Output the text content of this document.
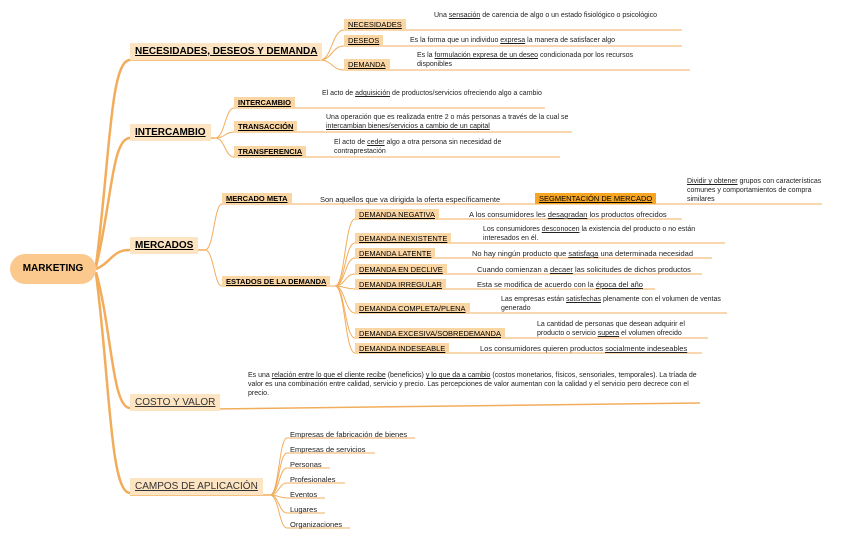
MARKETING
NECESIDADES, DESEOS Y DEMANDA
NECESIDADES
Una sensación de carencia de algo o un estado fisiológico o psicológico
DESEOS	Es la forma que un individuo expresa la manera de satisfacer algo
DEMANDA
Es la formulación expresa de un deseo condicionada por los recursos disponibles
INTERCAMBIO
INTERCAMBIO
El acto de adquisición de productos/servicios ofreciendo algo a cambio
TRANSACCIÓN
Una operación que es realizada entre 2 o más personas a través de la cual se intercambian bienes/servicios a cambio de un capital
TRANSFERENCIA
El acto de ceder algo a otra persona sin necesidad de contraprestación
MERCADOS
MERCADO META	Son aquellos que va dirigida la oferta específicamente	SEGMENTACIÓN DE MERCADO
Dividir y obtener grupos con características comunes y comportamientos de compra similares
ESTADOS DE LA DEMANDA
DEMANDA NEGATIVA	A los consumidores les desagradan los productos ofrecidos
DEMANDA INEXISTENTE
Los consumidores desconocen la existencia del producto o no están interesados en él.
DEMANDA LATENTE	No hay ningún producto que satisfaga una determinada necesidad
DEMANDA EN DECLIVE	Cuando comienzan a decaer las solicitudes de dichos productos
DEMANDA IRREGULAR	Esta se modifica de acuerdo con la época del año
DEMANDA COMPLETA/PLENA
Las empresas están satisfechas plenamente con el volumen de ventas generado
DEMANDA EXCESIVA/SOBREDEMANDA
La cantidad de personas que desean adquirir el producto o servicio supera el volumen ofrecido
DEMANDA INDESEABLE	Los consumidores quieren productos socialmente indeseables
COSTO Y VALOR
Es una relación entre lo que el cliente recibe (beneficios) y lo que da a cambio (costos monetarios, físicos, sensoriales, temporales). La tríada de valor es una combinación entre calidad, servicio y precio. Las percepciones de valor aumentan con la calidad y el servicio pero decrece con el precio.
CAMPOS DE APLICACIÓN
Empresas de fabricación de bienes
Empresas de servicios
Personas
Profesionales
Eventos
Lugares
Organizaciones
